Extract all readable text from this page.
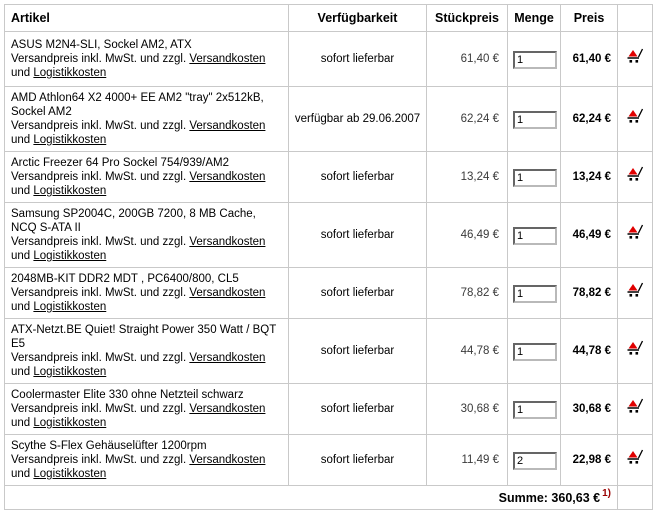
Artikel	Verfügbarkeit	Stückpreis	Menge	Preis	

ASUS M2N4-SLI, Sockel AM2, ATX
Versandpreis inkl. MwSt. und zzgl. Versandkosten und Logistikkosten	sofort lieferbar	61,40 €	1	61,40 €	

AMD Athlon64 X2 4000+ EE AM2 "tray" 2x512kB, Sockel AM2
Versandpreis inkl. MwSt. und zzgl. Versandkosten und Logistikkosten	verfügbar ab 29.06.2007	62,24 €	1	62,24 €	

Arctic Freezer 64 Pro Sockel 754/939/AM2
Versandpreis inkl. MwSt. und zzgl. Versandkosten und Logistikkosten	sofort lieferbar	13,24 €	1	13,24 €	

Samsung SP2004C, 200GB 7200, 8 MB Cache, NCQ S-ATA II
Versandpreis inkl. MwSt. und zzgl. Versandkosten und Logistikkosten	sofort lieferbar	46,49 €	1	46,49 €	

2048MB-KIT DDR2 MDT , PC6400/800, CL5
Versandpreis inkl. MwSt. und zzgl. Versandkosten und Logistikkosten	sofort lieferbar	78,82 €	1	78,82 €	

ATX-Netzt.BE Quiet! Straight Power 350 Watt / BQT E5
Versandpreis inkl. MwSt. und zzgl. Versandkosten und Logistikkosten	sofort lieferbar	44,78 €	1	44,78 €	

Coolermaster Elite 330 ohne Netzteil schwarz
Versandpreis inkl. MwSt. und zzgl. Versandkosten und Logistikkosten	sofort lieferbar	30,68 €	1	30,68 €	

Scythe S-Flex Gehäuselüfter 1200rpm
Versandpreis inkl. MwSt. und zzgl. Versandkosten und Logistikkosten	sofort lieferbar	11,49 €	2	22,98 €	
Summe: 360,63 € $^{1)}$	
